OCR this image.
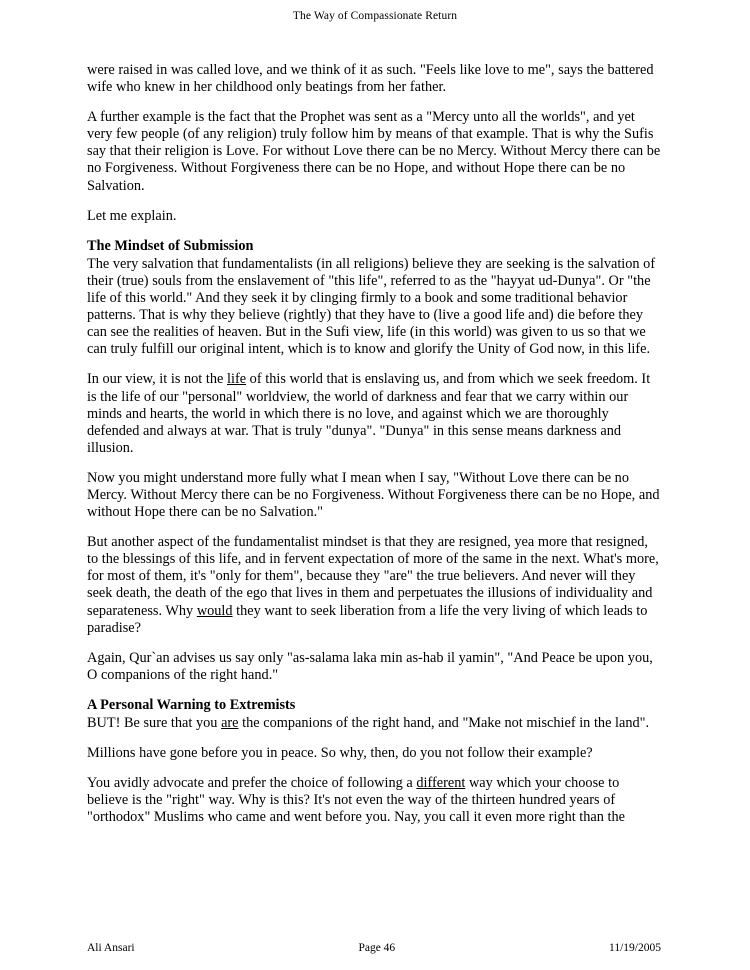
The Way of Compassionate Return

were raised in was called love, and we think of it as such. "Feels like love to me", says the battered wife who knew in her childhood only beatings from her father.

A further example is the fact that the Prophet was sent as a "Mercy unto all the worlds", and yet very few people (of any religion) truly follow him by means of that example. That is why the Sufis say that their religion is Love. For without Love there can be no Mercy. Without Mercy there can be no Forgiveness. Without Forgiveness there can be no Hope, and without Hope there can be no Salvation.

Let me explain.

The Mindset of Submission

The very salvation that fundamentalists (in all religions) believe they are seeking is the salvation of their (true) souls from the enslavement of "this life", referred to as the "hayyat ud-Dunya". Or "the life of this world." And they seek it by clinging firmly to a book and some traditional behavior patterns. That is why they believe (rightly) that they have to (live a good life and) die before they can see the realities of heaven. But in the Sufi view, life (in this world) was given to us so that we can truly fulfill our original intent, which is to know and glorify the Unity of God now, in this life.

In our view, it is not the life of this world that is enslaving us, and from which we seek freedom. It is the life of our "personal" worldview, the world of darkness and fear that we carry within our minds and hearts, the world in which there is no love, and against which we are thoroughly defended and always at war. That is truly "dunya". "Dunya" in this sense means darkness and illusion.

Now you might understand more fully what I mean when I say, "Without Love there can be no Mercy. Without Mercy there can be no Forgiveness. Without Forgiveness there can be no Hope, and without Hope there can be no Salvation."

But another aspect of the fundamentalist mindset is that they are resigned, yea more that resigned, to the blessings of this life, and in fervent expectation of more of the same in the next. What's more, for most of them, it's "only for them", because they "are" the true believers. And never will they seek death, the death of the ego that lives in them and perpetuates the illusions of individuality and separateness. Why would they want to seek liberation from a life the very living of which leads to paradise?

Again, Qur`an advises us say only "as-salama laka min as-hab il yamin", "And Peace be upon you, O companions of the right hand."

A Personal Warning to Extremists

BUT! Be sure that you are the companions of the right hand, and "Make not mischief in the land".

Millions have gone before you in peace. So why, then, do you not follow their example?

You avidly advocate and prefer the choice of following a different way which your choose to believe is the "right" way. Why is this? It's not even the way of the thirteen hundred years of "orthodox" Muslims who came and went before you. Nay, you call it even more right than the

Ali Ansari	Page 46	11/19/2005
